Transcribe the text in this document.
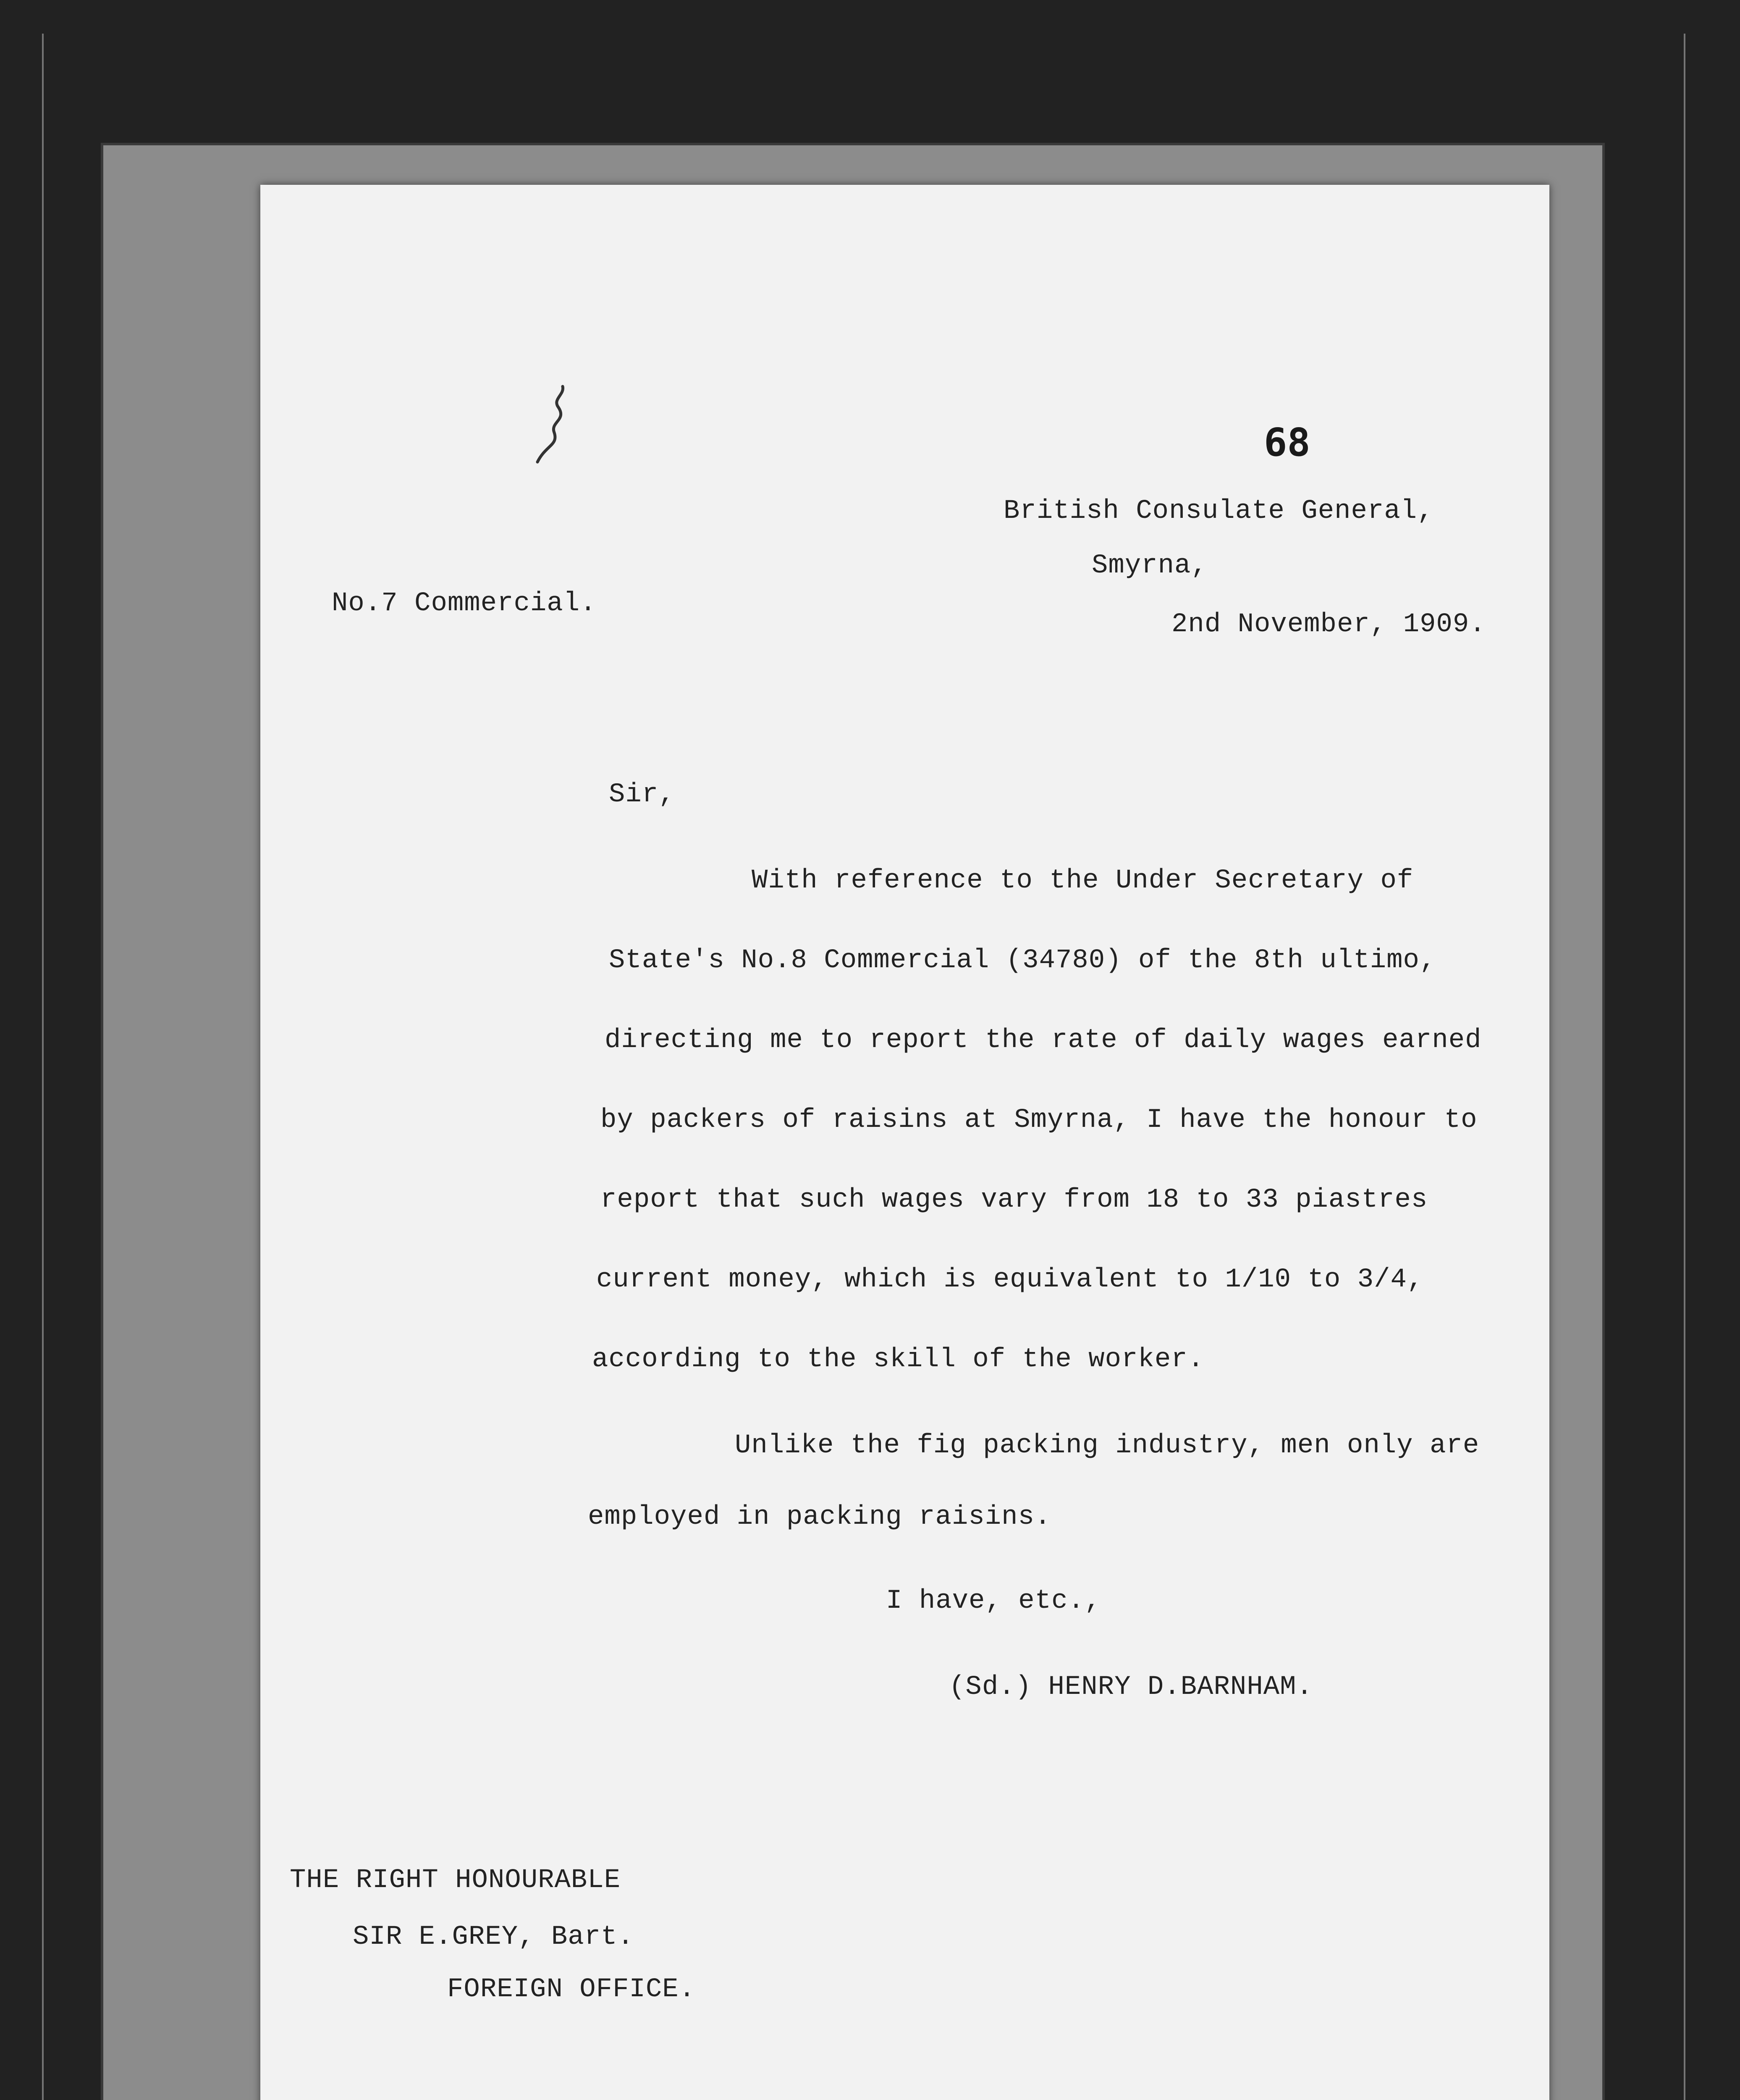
68
British Consulate General,
Smyrna,
2nd November, 1909.
No.7 Commercial.
Sir,
With reference to the Under Secretary of
State's No.8 Commercial (34780) of the 8th ultimo,
directing me to report the rate of daily wages earned
by packers of raisins at Smyrna, I have the honour to
report that such wages vary from 18 to 33 piastres
current money, which is equivalent to 1/10 to 3/4,
according to the skill of the worker.
Unlike the fig packing industry, men only are
employed in packing raisins.
I have, etc.,
(Sd.) HENRY D.BARNHAM.
THE RIGHT HONOURABLE
SIR E.GREY, Bart.
FOREIGN OFFICE.
